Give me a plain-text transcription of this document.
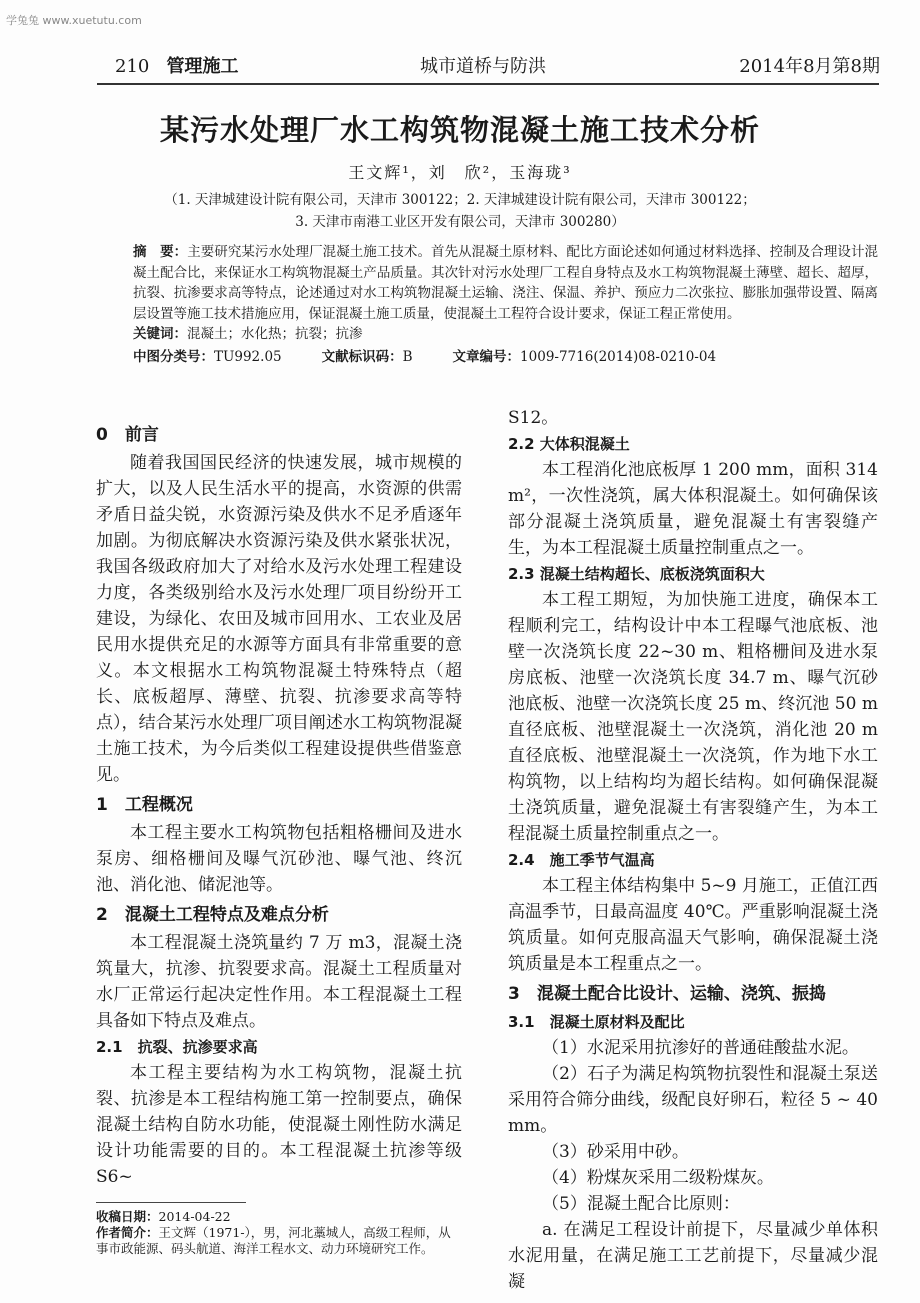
学兔兔 www.xuetutu.com
210 管理施工	城市道桥与防洪	2014年8月第8期
某污水处理厂水工构筑物混凝土施工技术分析
王文辉¹，刘　欣²，玉海珑³
（1. 天津城建设计院有限公司，天津市 300122；2. 天津城建设计院有限公司，天津市 300122；
3. 天津市南港工业区开发有限公司，天津市 300280）
摘　要：主要研究某污水处理厂混凝土施工技术。首先从混凝土原材料、配比方面论述如何通过材料选择、控制及合理设计混凝土配合比，来保证水工构筑物混凝土产品质量。其次针对污水处理厂工程自身特点及水工构筑物混凝土薄壁、超长、超厚，抗裂、抗渗要求高等特点，论述通过对水工构筑物混凝土运输、浇注、保温、养护、预应力二次张拉、膨胀加强带设置、隔离层设置等施工技术措施应用，保证混凝土施工质量，使混凝土工程符合设计要求，保证工程正常使用。
关键词：混凝土；水化热；抗裂；抗渗
中图分类号：TU992.05	文献标识码：B	文章编号：1009-7716(2014)08-0210-04
0　前言

随着我国国民经济的快速发展，城市规模的扩大，以及人民生活水平的提高，水资源的供需矛盾日益尖锐，水资源污染及供水不足矛盾逐年加剧。为彻底解决水资源污染及供水紧张状况，我国各级政府加大了对给水及污水处理工程建设力度，各类级别给水及污水处理厂项目纷纷开工建设，为绿化、农田及城市回用水、工农业及居民用水提供充足的水源等方面具有非常重要的意义。本文根据水工构筑物混凝土特殊特点（超长、底板超厚、薄壁、抗裂、抗渗要求高等特点），结合某污水处理厂项目阐述水工构筑物混凝土施工技术，为今后类似工程建设提供些借鉴意见。

1　工程概况

本工程主要水工构筑物包括粗格栅间及进水泵房、细格栅间及曝气沉砂池、曝气池、终沉池、消化池、储泥池等。

2　混凝土工程特点及难点分析

本工程混凝土浇筑量约 7 万 m3，混凝土浇筑量大，抗渗、抗裂要求高。混凝土工程质量对水厂正常运行起决定性作用。本工程混凝土工程具备如下特点及难点。

2.1　抗裂、抗渗要求高

本工程主要结构为水工构筑物，混凝土抗裂、抗渗是本工程结构施工第一控制要点，确保混凝土结构自防水功能，使混凝土刚性防水满足设计功能需要的目的。本工程混凝土抗渗等级 S6~

收稿日期：2014-04-22
作者简介：王文辉（1971-），男，河北藁城人，高级工程师，从事市政能源、码头航道、海洋工程水文、动力环境研究工作。

S12。

2.2 大体积混凝土

本工程消化池底板厚 1 200 mm，面积 314 m²，一次性浇筑，属大体积混凝土。如何确保该部分混凝土浇筑质量，避免混凝土有害裂缝产生，为本工程混凝土质量控制重点之一。

2.3 混凝土结构超长、底板浇筑面积大

本工程工期短，为加快施工进度，确保本工程顺利完工，结构设计中本工程曝气池底板、池壁一次浇筑长度 22~30 m、粗格栅间及进水泵房底板、池壁一次浇筑长度 34.7 m、曝气沉砂池底板、池壁一次浇筑长度 25 m、终沉池 50 m 直径底板、池壁混凝土一次浇筑，消化池 20 m 直径底板、池壁混凝土一次浇筑，作为地下水工构筑物，以上结构均为超长结构。如何确保混凝土浇筑质量，避免混凝土有害裂缝产生，为本工程混凝土质量控制重点之一。

2.4　施工季节气温高

本工程主体结构集中 5~9 月施工，正值江西高温季节，日最高温度 40℃。严重影响混凝土浇筑质量。如何克服高温天气影响，确保混凝土浇筑质量是本工程重点之一。

3　混凝土配合比设计、运输、浇筑、振捣
3.1　混凝土原材料及配比

（1）水泥采用抗渗好的普通硅酸盐水泥。

（2）石子为满足构筑物抗裂性和混凝土泵送采用符合筛分曲线，级配良好卵石，粒径 5 ~ 40 mm。

（3）砂采用中砂。

（4）粉煤灰采用二级粉煤灰。

（5）混凝土配合比原则：

a. 在满足工程设计前提下，尽量减少单体积水泥用量，在满足施工工艺前提下，尽量减少混凝
